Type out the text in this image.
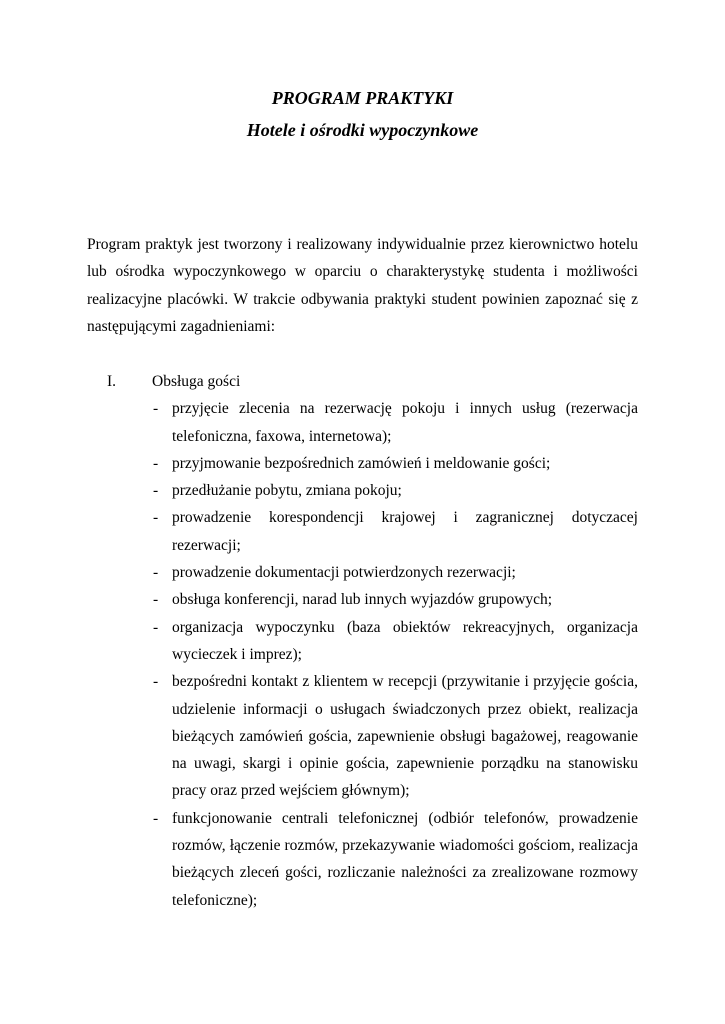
PROGRAM PRAKTYKI
Hotele i ośrodki wypoczynkowe

Program praktyk jest tworzony i realizowany indywidualnie przez kierownictwo hotelu lub ośrodka wypoczynkowego w oparciu o charakterystykę studenta i możliwości realizacyjne placówki. W trakcie odbywania praktyki student powinien zapoznać się z następującymi zagadnieniami:

I.	Obsługa gości
- przyjęcie zlecenia na rezerwację pokoju i innych usług (rezerwacja telefoniczna, faxowa, internetowa);
- przyjmowanie bezpośrednich zamówień i meldowanie gości;
- przedłużanie pobytu, zmiana pokoju;
- prowadzenie korespondencji krajowej i zagranicznej dotyczacej rezerwacji;
- prowadzenie dokumentacji potwierdzonych rezerwacji;
- obsługa konferencji, narad lub innych wyjazdów grupowych;
- organizacja wypoczynku (baza obiektów rekreacyjnych, organizacja wycieczek i imprez);
- bezpośredni kontakt z klientem w recepcji (przywitanie i przyjęcie gościa, udzielenie informacji o usługach świadczonych przez obiekt, realizacja bieżących zamówień gościa, zapewnienie obsługi bagażowej, reagowanie na uwagi, skargi i opinie gościa, zapewnienie porządku na stanowisku pracy oraz przed wejściem głównym);
- funkcjonowanie centrali telefonicznej (odbiór telefonów, prowadzenie rozmów, łączenie rozmów, przekazywanie wiadomości gościom, realizacja bieżących zleceń gości, rozliczanie należności za zrealizowane rozmowy telefoniczne);
